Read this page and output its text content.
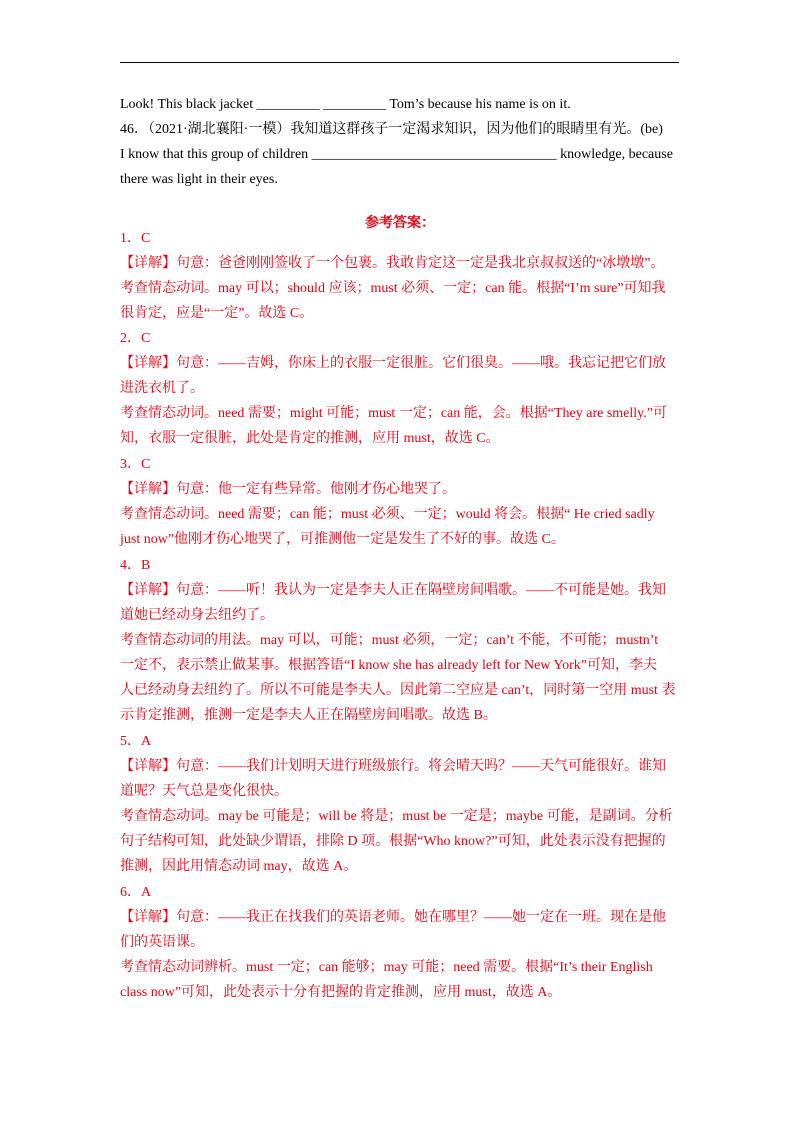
Look! This black jacket _________ _________ Tom’s because his name is on it.
46．（2021·湖北襄阳·一模）我知道这群孩子一定渴求知识，因为他们的眼睛里有光。(be)
I know that this group of children ___________________________________ knowledge, because
there was light in their eyes.
参考答案：
1．C
【详解】句意：爸爸刚刚签收了一个包裹。我敢肯定这一定是我北京叔叔送的“冰墩墩”。
考查情态动词。may 可以；should 应该；must 必须、一定；can 能。根据“I’m sure”可知我
很肯定，应是“一定”。故选 C。
2．C
【详解】句意：——吉姆，你床上的衣服一定很脏。它们很臭。——哦。我忘记把它们放
进洗衣机了。
考查情态动词。need 需要；might 可能；must 一定；can 能，会。根据“They are smelly.”可
知，衣服一定很脏，此处是肯定的推测，应用 must，故选 C。
3．C
【详解】句意：他一定有些异常。他刚才伤心地哭了。
考查情态动词。need 需要；can 能；must 必须、一定；would 将会。根据“ He cried sadly
just now”他刚才伤心地哭了，可推测他一定是发生了不好的事。故选 C。
4．B
【详解】句意：——听！我认为一定是李夫人正在隔壁房间唱歌。——不可能是她。我知
道她已经动身去纽约了。
考查情态动词的用法。may 可以，可能；must 必须，一定；can’t 不能，不可能；mustn’t
一定不，表示禁止做某事。根据答语“I know she has already left for New York”可知，李夫
人已经动身去纽约了。所以不可能是李夫人。因此第二空应是 can’t，同时第一空用 must 表
示肯定推测，推测一定是李夫人正在隔壁房间唱歌。故选 B。
5．A
【详解】句意：——我们计划明天进行班级旅行。将会晴天吗？——天气可能很好。谁知
道呢？天气总是变化很快。
考查情态动词。may be 可能是；will be 将是；must be 一定是；maybe 可能，是副词。分析
句子结构可知，此处缺少谓语，排除 D 项。根据“Who know?”可知，此处表示没有把握的
推测，因此用情态动词 may，故选 A。
6．A
【详解】句意：——我正在找我们的英语老师。她在哪里？——她一定在一班。现在是他
们的英语课。
考查情态动词辨析。must 一定；can 能够；may 可能；need 需要。根据“It’s their English
class now”可知，此处表示十分有把握的肯定推测，应用 must，故选 A。
